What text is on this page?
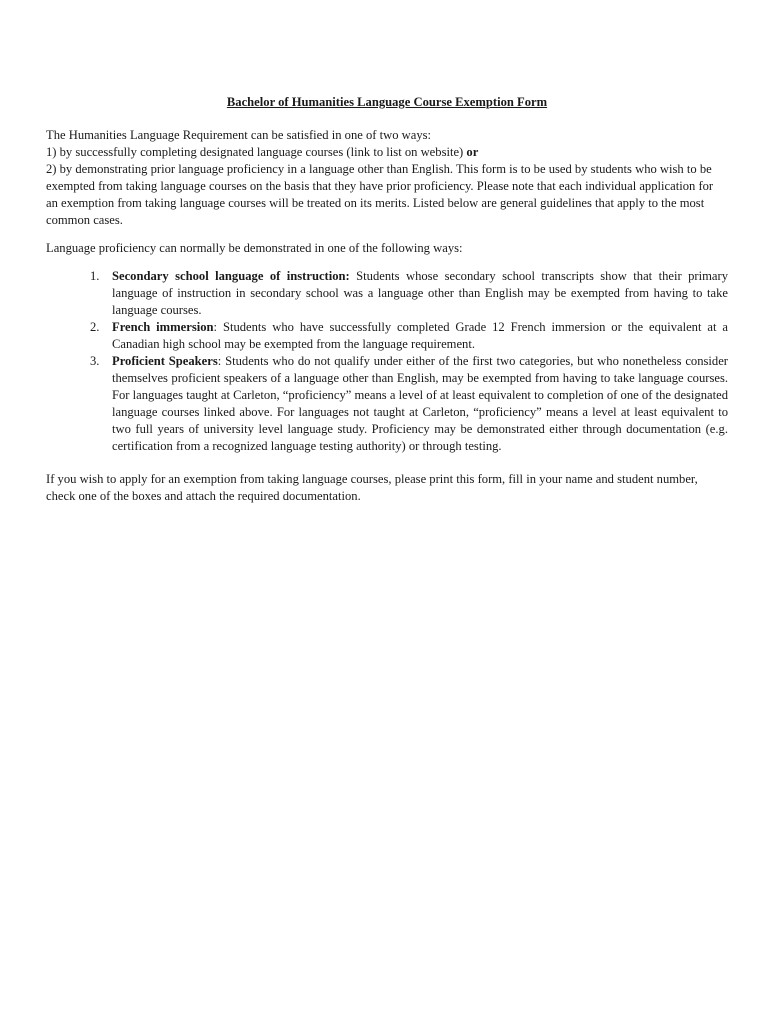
Bachelor of Humanities Language Course Exemption Form
The Humanities Language Requirement can be satisfied in one of two ways:
1) by successfully completing designated language courses (link to list on website) or
2) by demonstrating prior language proficiency in a language other than English. This form is to be used by students who wish to be exempted from taking language courses on the basis that they have prior proficiency. Please note that each individual application for an exemption from taking language courses will be treated on its merits. Listed below are general guidelines that apply to the most common cases.

Language proficiency can normally be demonstrated in one of the following ways:

1. Secondary school language of instruction: Students whose secondary school transcripts show that their primary language of instruction in secondary school was a language other than English may be exempted from having to take language courses.
2. French immersion: Students who have successfully completed Grade 12 French immersion or the equivalent at a Canadian high school may be exempted from the language requirement.
3. Proficient Speakers: Students who do not qualify under either of the first two categories, but who nonetheless consider themselves proficient speakers of a language other than English, may be exempted from having to take language courses. For languages taught at Carleton, “proficiency” means a level of at least equivalent to completion of one of the designated language courses linked above. For languages not taught at Carleton, “proficiency” means a level at least equivalent to two full years of university level language study. Proficiency may be demonstrated either through documentation (e.g. certification from a recognized language testing authority) or through testing.

If you wish to apply for an exemption from taking language courses, please print this form, fill in your name and student number, check one of the boxes and attach the required documentation.
